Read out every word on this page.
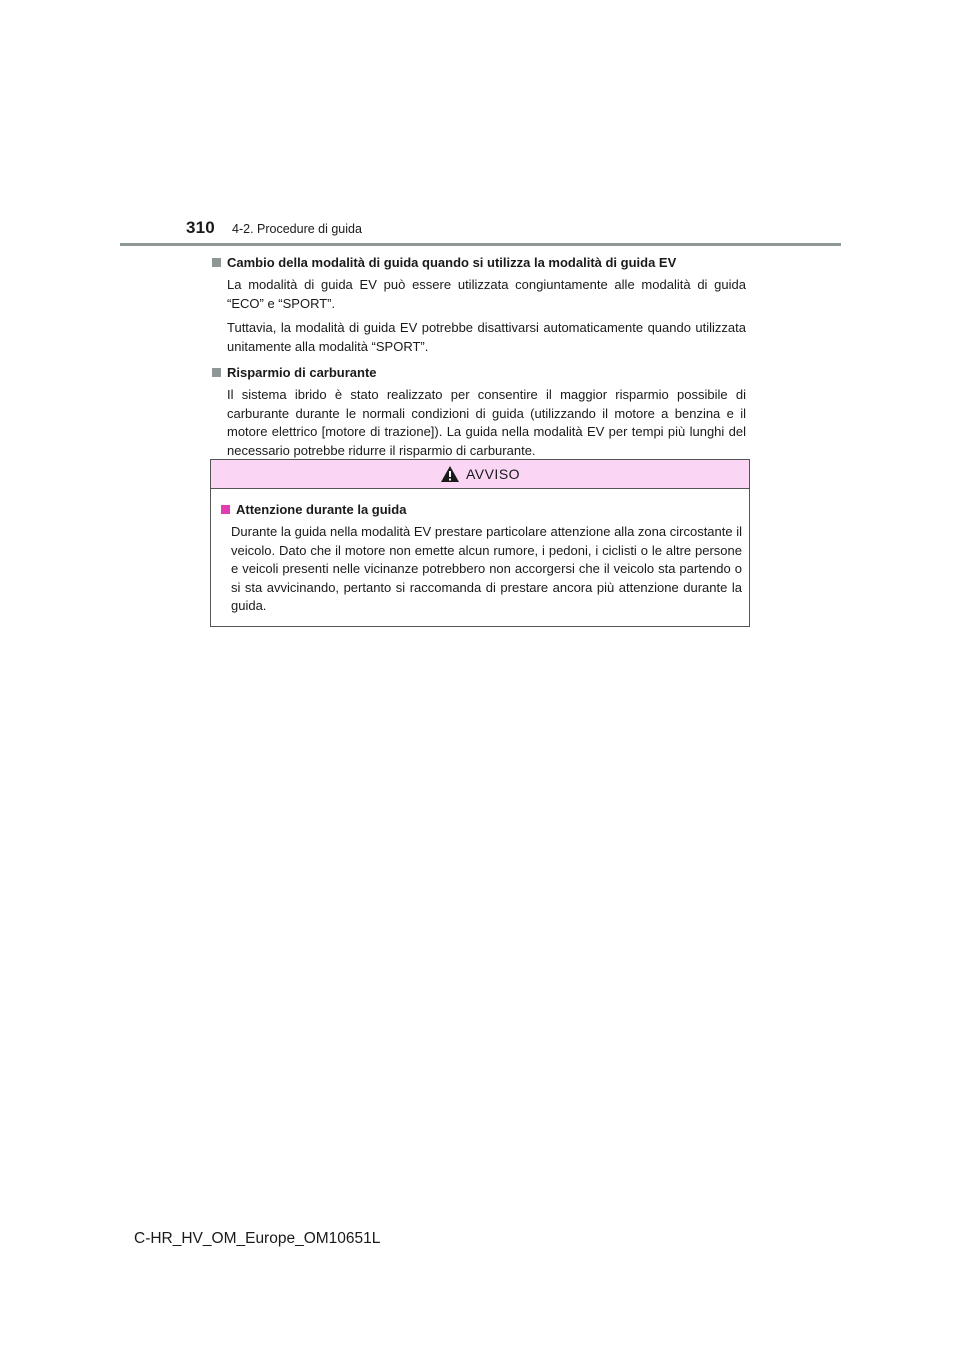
310 4-2. Procedure di guida
Cambio della modalità di guida quando si utilizza la modalità di guida EV

La modalità di guida EV può essere utilizzata congiuntamente alle modalità di guida “ECO” e “SPORT”.

Tuttavia, la modalità di guida EV potrebbe disattivarsi automaticamente quando utilizzata unitamente alla modalità “SPORT”.

Risparmio di carburante

Il sistema ibrido è stato realizzato per consentire il maggior risparmio possibile di carburante durante le normali condizioni di guida (utilizzando il motore a benzina e il motore elettrico [motore di trazione]). La guida nella modalità EV per tempi più lunghi del necessario potrebbe ridurre il risparmio di carburante.

AVVISO
Attenzione durante la guida

Durante la guida nella modalità EV prestare particolare attenzione alla zona circostante il veicolo. Dato che il motore non emette alcun rumore, i pedoni, i ciclisti o le altre persone e veicoli presenti nelle vicinanze potrebbero non accorgersi che il veicolo sta partendo o si sta avvicinando, pertanto si raccomanda di prestare ancora più attenzione durante la guida.

C-HR_HV_OM_Europe_OM10651L
